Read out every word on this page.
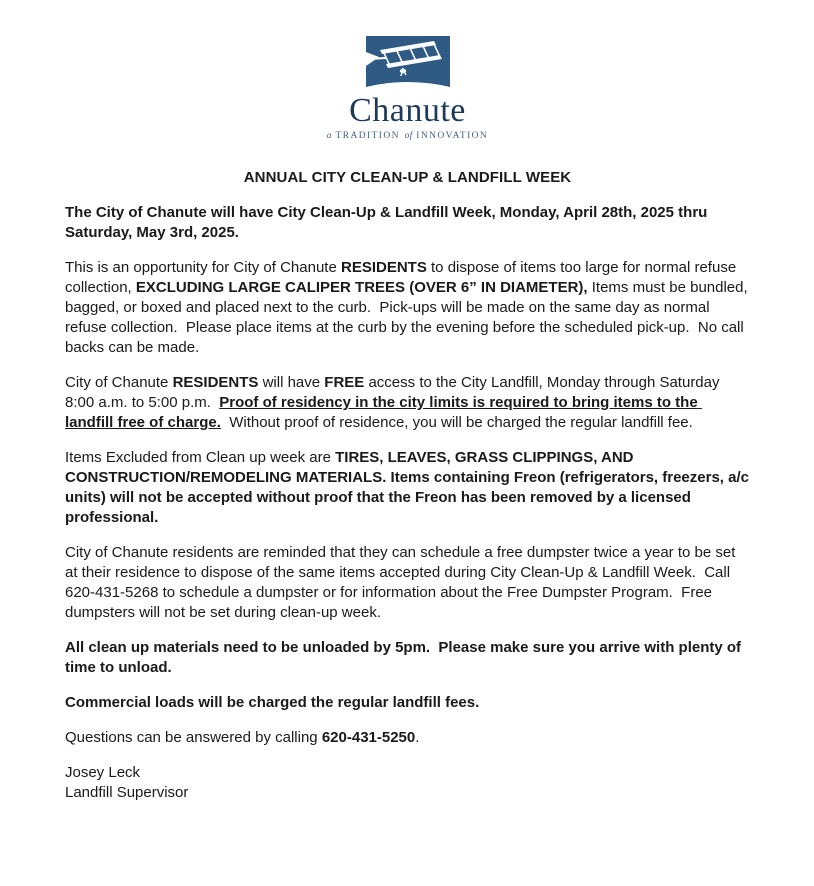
Chanute
a TRADITION of INNOVATION
ANNUAL CITY CLEAN-UP & LANDFILL WEEK

The City of Chanute will have City Clean-Up & Landfill Week, Monday, April 28th, 2025 thru Saturday, May 3rd, 2025.

This is an opportunity for City of Chanute RESIDENTS to dispose of items too large for normal refuse collection, EXCLUDING LARGE CALIPER TREES (OVER 6” IN DIAMETER), Items must be bundled, bagged, or boxed and placed next to the curb.  Pick-ups will be made on the same day as normal refuse collection.  Please place items at the curb by the evening before the scheduled pick-up.  No call backs can be made.

City of Chanute RESIDENTS will have FREE access to the City Landfill, Monday through Saturday 8:00 a.m. to 5:00 p.m.  Proof of residency in the city limits is required to bring items to the landfill free of charge.  Without proof of residence, you will be charged the regular landfill fee.

Items Excluded from Clean up week are TIRES, LEAVES, GRASS CLIPPINGS, AND CONSTRUCTION/REMODELING MATERIALS. Items containing Freon (refrigerators, freezers, a/c units) will not be accepted without proof that the Freon has been removed by a licensed professional.

City of Chanute residents are reminded that they can schedule a free dumpster twice a year to be set at their residence to dispose of the same items accepted during City Clean-Up & Landfill Week.  Call 620-431-5268 to schedule a dumpster or for information about the Free Dumpster Program.  Free dumpsters will not be set during clean-up week.

All clean up materials need to be unloaded by 5pm.  Please make sure you arrive with plenty of time to unload.

Commercial loads will be charged the regular landfill fees.

Questions can be answered by calling 620-431-5250.

Josey Leck
Landfill Supervisor
